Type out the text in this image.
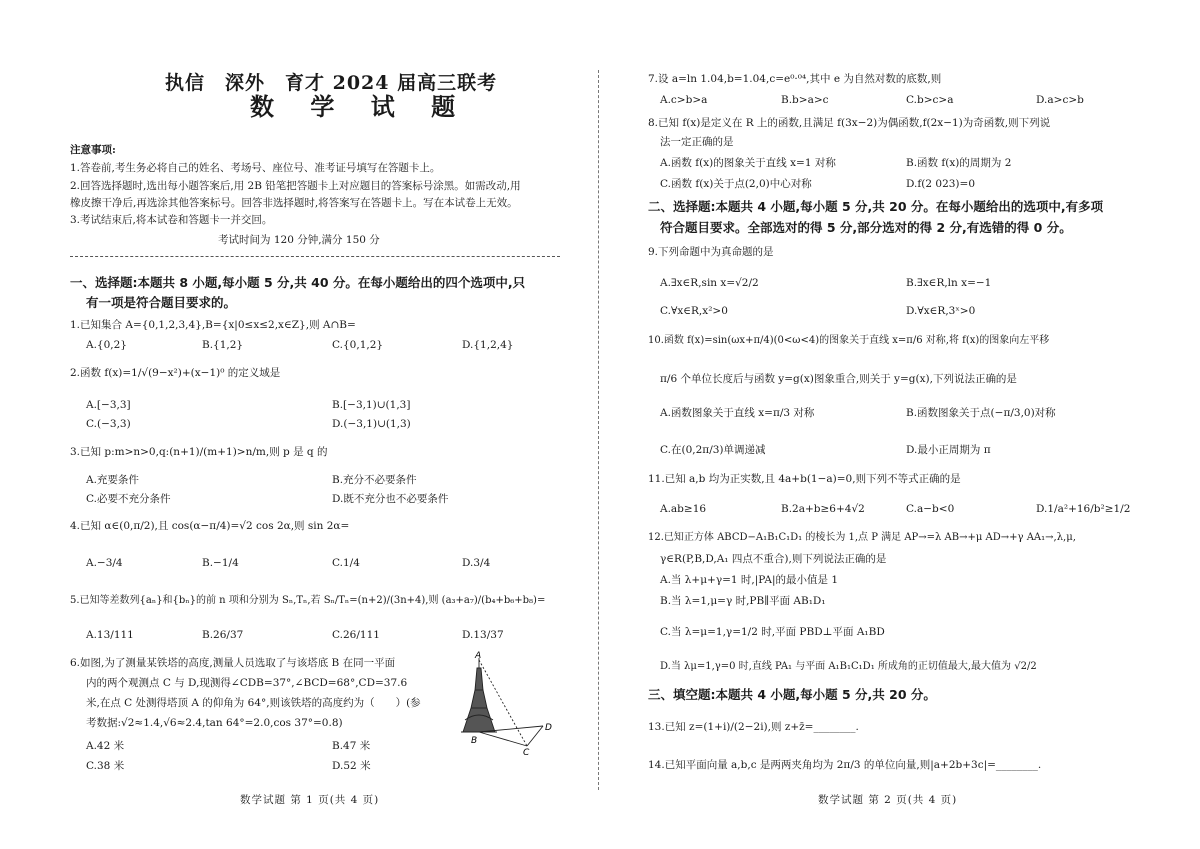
执信　深外　育才 2024 届高三联考
数 学 试 题
注意事项:
1.答卷前,考生务必将自己的姓名、考场号、座位号、准考证号填写在答题卡上。
2.回答选择题时,选出每小题答案后,用 2B 铅笔把答题卡上对应题目的答案标号涂黑。如需改动,用
橡皮擦干净后,再选涂其他答案标号。回答非选择题时,将答案写在答题卡上。写在本试卷上无效。
3.考试结束后,将本试卷和答题卡一并交回。
考试时间为 120 分钟,满分 150 分
一、选择题:本题共 8 小题,每小题 5 分,共 40 分。在每小题给出的四个选项中,只
有一项是符合题目要求的。
1.已知集合 A={0,1,2,3,4},B={x|0≤x≤2,x∈Z},则 A∩B=
A.{0,2}	B.{1,2}	C.{0,1,2}	D.{1,2,4}
2.函数 f(x)=1/√(9−x²)+(x−1)⁰ 的定义域是
A.[−3,3]	B.[−3,1)∪(1,3]
C.(−3,3)	D.(−3,1)∪(1,3)
3.已知 p:m>n>0,q:(n+1)/(m+1)>n/m,则 p 是 q 的
A.充要条件	B.充分不必要条件
C.必要不充分条件	D.既不充分也不必要条件
4.已知 α∈(0,π/2),且 cos(α−π/4)=√2 cos 2α,则 sin 2α=
A.−3/4	B.−1/4	C.1/4	D.3/4
5.已知等差数列{aₙ}和{bₙ}的前 n 项和分别为 Sₙ,Tₙ,若 Sₙ/Tₙ=(n+2)/(3n+4),则 (a₃+a₇)/(b₄+b₆+b₈)=
A.13/111	B.26/37	C.26/111	D.13/37
6.如图,为了测量某铁塔的高度,测量人员选取了与该塔底 B 在同一平面
内的两个观测点 C 与 D,现测得∠CDB=37°,∠BCD=68°,CD=37.6
米,在点 C 处测得塔顶 A 的仰角为 64°,则该铁塔的高度约为（　　）(参
考数据:√2≈1.4,√6≈2.4,tan 64°=2.0,cos 37°=0.8)
A.42 米	B.47 米
C.38 米	D.52 米
A
B
C
D
数学试题 第 1 页(共 4 页)
7.设 a=ln 1.04,b=1.04,c=e⁰·⁰⁴,其中 e 为自然对数的底数,则
A.c>b>a	B.b>a>c	C.b>c>a	D.a>c>b
8.已知 f(x)是定义在 R 上的函数,且满足 f(3x−2)为偶函数,f(2x−1)为奇函数,则下列说
法一定正确的是
A.函数 f(x)的图象关于直线 x=1 对称	B.函数 f(x)的周期为 2
C.函数 f(x)关于点(2,0)中心对称	D.f(2 023)=0
二、选择题:本题共 4 小题,每小题 5 分,共 20 分。在每小题给出的选项中,有多项
符合题目要求。全部选对的得 5 分,部分选对的得 2 分,有选错的得 0 分。
9.下列命题中为真命题的是
A.∃x∈R,sin x=√2/2	B.∃x∈R,ln x=−1
C.∀x∈R,x²>0	D.∀x∈R,3ˣ>0
10.函数 f(x)=sin(ωx+π/4)(0<ω<4)的图象关于直线 x=π/6 对称,将 f(x)的图象向左平移
π/6 个单位长度后与函数 y=g(x)图象重合,则关于 y=g(x),下列说法正确的是
A.函数图象关于直线 x=π/3 对称	B.函数图象关于点(−π/3,0)对称
C.在(0,2π/3)单调递减	D.最小正周期为 π
11.已知 a,b 均为正实数,且 4a+b(1−a)=0,则下列不等式正确的是
A.ab≥16	B.2a+b≥6+4√2	C.a−b<0	D.1/a²+16/b²≥1/2
12.已知正方体 ABCD−A₁B₁C₁D₁ 的棱长为 1,点 P 满足 AP→=λ AB→+μ AD→+γ AA₁→,λ,μ,
γ∈R(P,B,D,A₁ 四点不重合),则下列说法正确的是
A.当 λ+μ+γ=1 时,|PA|的最小值是 1
B.当 λ=1,μ=γ 时,PB∥平面 AB₁D₁
C.当 λ=μ=1,γ=1/2 时,平面 PBD⊥平面 A₁BD
D.当 λμ=1,γ=0 时,直线 PA₁ 与平面 A₁B₁C₁D₁ 所成角的正切值最大,最大值为 √2/2
三、填空题:本题共 4 小题,每小题 5 分,共 20 分。
13.已知 z=(1+i)/(2−2i),则 z+z̄=________.
14.已知平面向量 a,b,c 是两两夹角均为 2π/3 的单位向量,则|a+2b+3c|=________.
数学试题 第 2 页(共 4 页)
